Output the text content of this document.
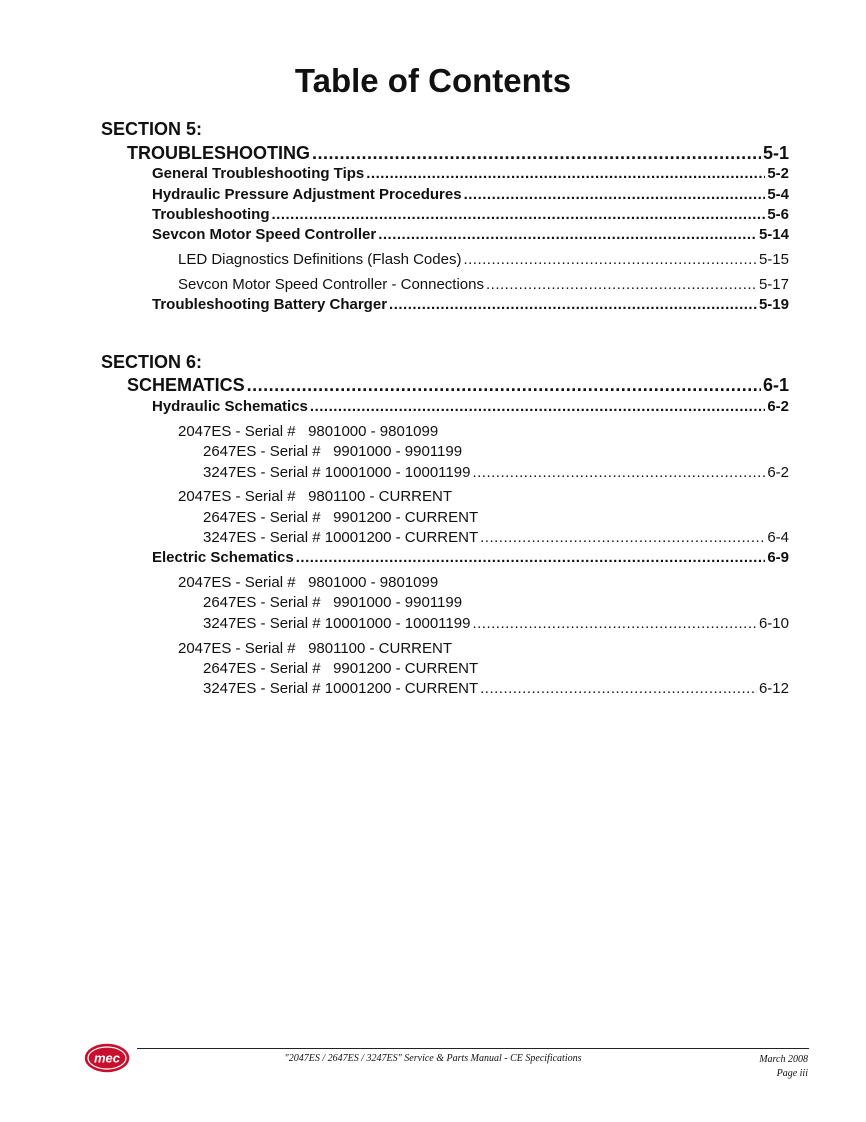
Table of Contents
SECTION 5:
TROUBLESHOOTING .....	5-1
General Troubleshooting Tips .....	5-2
Hydraulic Pressure Adjustment Procedures .....	5-4
Troubleshooting .....	5-6
Sevcon Motor Speed Controller .....	5-14
LED Diagnostics Definitions (Flash Codes) .....	5-15
Sevcon Motor Speed Controller - Connections .....	5-17
Troubleshooting Battery Charger .....	5-19
SECTION 6:
SCHEMATICS .....	6-1
Hydraulic Schematics .....	6-2
2047ES - Serial #   9801000 - 9801099
2647ES - Serial #   9901000 - 9901199
3247ES - Serial # 10001000 - 10001199 .....	6-2
2047ES - Serial #   9801100 - CURRENT
2647ES - Serial #   9901200 - CURRENT
3247ES - Serial # 10001200 - CURRENT .....	6-4
Electric Schematics .....	6-9
2047ES - Serial #   9801000 - 9801099
2647ES - Serial #   9901000 - 9901199
3247ES - Serial # 10001000 - 10001199 .....	6-10
2047ES - Serial #   9801100 - CURRENT
2647ES - Serial #   9901200 - CURRENT
3247ES - Serial # 10001200 - CURRENT .....	6-12
mec	"2047ES / 2647ES / 3247ES" Service & Parts Manual - CE Specifications	March 2008
Page iii
